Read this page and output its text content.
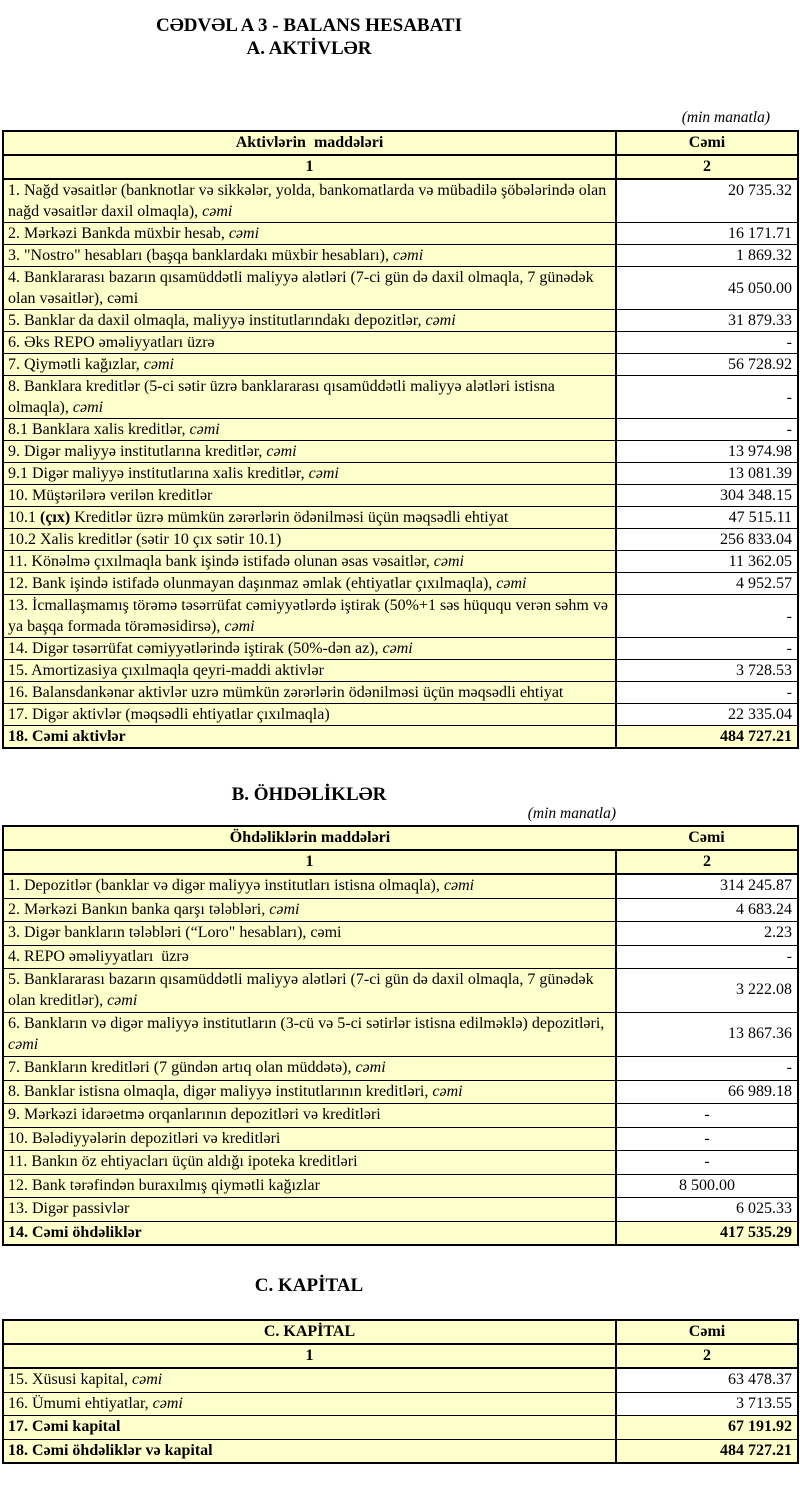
CƏDVƏL A 3 - BALANS HESABATI
A. AKTİVLƏR
(min manatla)
Aktivlərin  maddələri	Cəmi
1	2
1. Nağd vəsaitlər (banknotlar və sikkələr, yolda, bankomatlarda və mübadilə şöbələrində olan nağd vəsaitlər daxil olmaqla), cəmi	20 735.32
2. Mərkəzi Bankda müxbir hesab, cəmi	16 171.71
3. "Nostro" hesabları (başqa banklardakı müxbir hesabları), cəmi	1 869.32
4. Banklararası bazarın qısamüddətli maliyyə alətləri (7-ci gün də daxil olmaqla, 7 günədək olan vəsaitlər), cəmi	45 050.00
5. Banklar da daxil olmaqla, maliyyə institutlarındakı depozitlər, cəmi	31 879.33
6. Əks REPO əməliyyatları üzrə	-
7. Qiymətli kağızlar, cəmi	56 728.92
8. Banklara kreditlər (5-ci sətir üzrə banklararası qısamüddətli maliyyə alətləri istisna olmaqla), cəmi	-
8.1 Banklara xalis kreditlər, cəmi	-
9. Digər maliyyə institutlarına kreditlər, cəmi	13 974.98
9.1 Digər maliyyə institutlarına xalis kreditlər, cəmi	13 081.39
10. Müştərilərə verilən kreditlər	304 348.15
10.1 (çıx) Kreditlər üzrə mümkün zərərlərin ödənilməsi üçün məqsədli ehtiyat	47 515.11
10.2 Xalis kreditlər (sətir 10 çıx sətir 10.1)	256 833.04
11. Könəlmə çıxılmaqla bank işində istifadə olunan əsas vəsaitlər, cəmi	11 362.05
12. Bank işində istifadə olunmayan daşınmaz əmlak (ehtiyatlar çıxılmaqla), cəmi	4 952.57
13. İcmallaşmamış törəmə təsərrüfat cəmiyyətlərdə iştirak (50%+1 səs hüququ verən səhm və ya başqa formada törəməsidirsə), cəmi	-
14. Digər təsərrüfat cəmiyyətlərində iştirak (50%-dən az), cəmi	-
15. Amortizasiya çıxılmaqla qeyri-maddi aktivlər	3 728.53
16. Balansdankənar aktivlər uzrə mümkün zərərlərin ödənilməsi üçün məqsədli ehtiyat	-
17. Digər aktivlər (məqsədli ehtiyatlar çıxılmaqla)	22 335.04
18. Cəmi aktivlər	484 727.21
B. ÖHDƏLİKLƏR
(min manatla)
Öhdəliklərin maddələri	Cəmi
1	2
1. Depozitlər (banklar və digər maliyyə institutları istisna olmaqla), cəmi	314 245.87
2. Mərkəzi Bankın banka qarşı tələbləri, cəmi	4 683.24
3. Digər bankların tələbləri (“Loro" hesabları), cəmi	2.23
4. REPO əməliyyatları  üzrə	-
5. Banklararası bazarın qısamüddətli maliyyə alətləri (7-ci gün də daxil olmaqla, 7 günədək olan kreditlər), cəmi	3 222.08
6. Bankların və digər maliyyə institutların (3-cü və 5-ci sətirlər istisna edilməklə) depozitləri, cəmi	13 867.36
7. Bankların kreditləri (7 gündən artıq olan müddətə), cəmi	-
8. Banklar istisna olmaqla, digər maliyyə institutlarının kreditləri, cəmi	66 989.18
9. Mərkəzi idarəetmə orqanlarının depozitləri və kreditləri	-
10. Bələdiyyələrin depozitləri və kreditləri	-
11. Bankın öz ehtiyacları üçün aldığı ipoteka kreditləri	-
12. Bank tərəfindən buraxılmış qiymətli kağızlar	8 500.00
13. Digər passivlər	6 025.33
14. Cəmi öhdəliklər	417 535.29
C. KAPİTAL
C. KAPİTAL	Cəmi
1	2
15. Xüsusi kapital, cəmi	63 478.37
16. Ümumi ehtiyatlar, cəmi	3 713.55
17. Cəmi kapital	67 191.92
18. Cəmi öhdəliklər və kapital	484 727.21
